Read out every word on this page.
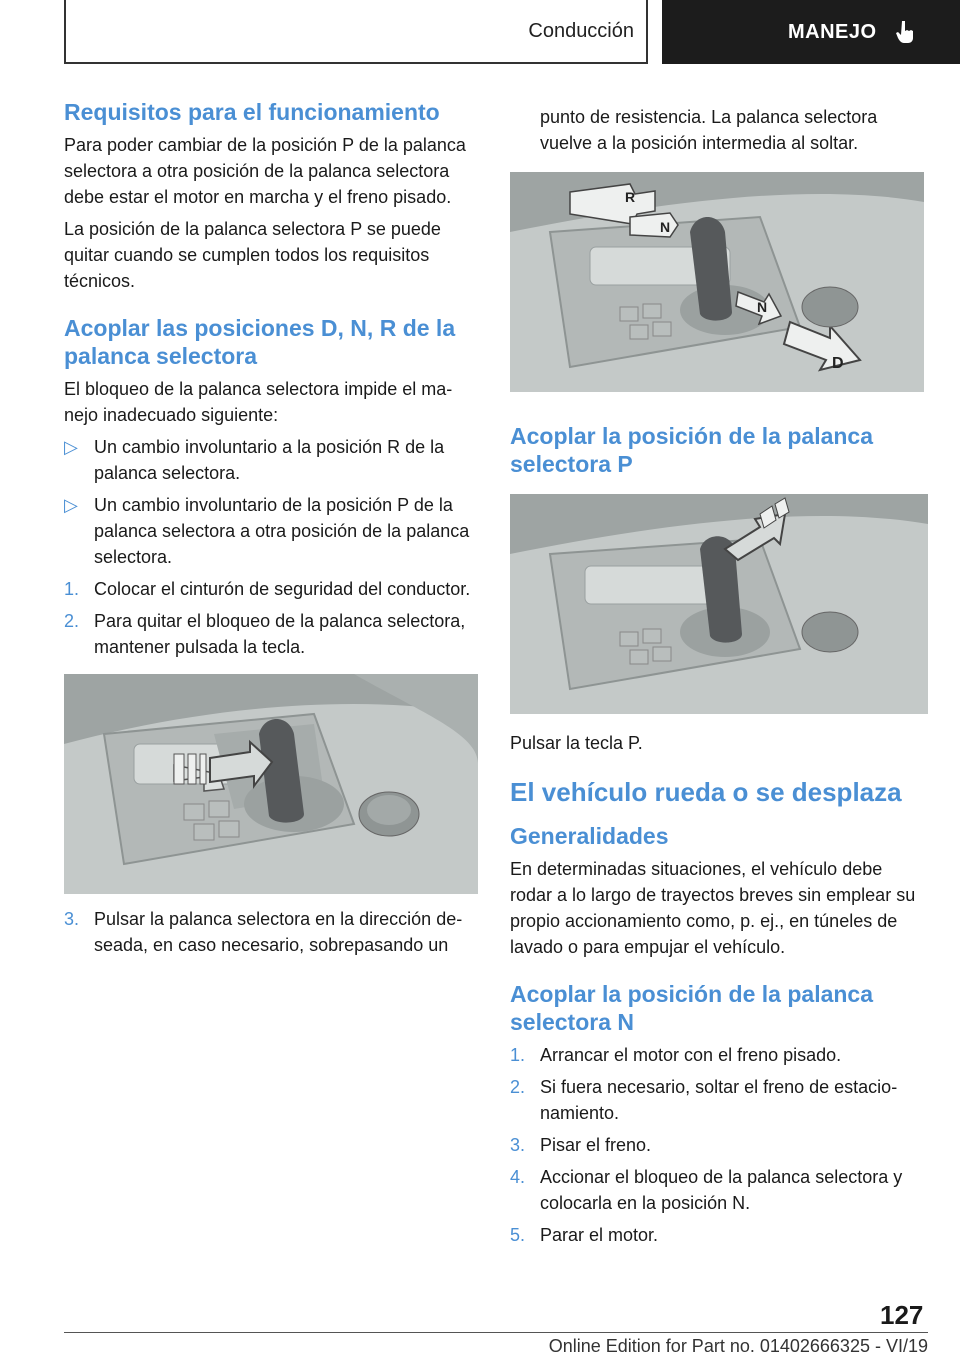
Conducción	MANEJO
Requisitos para el funcionamiento

Para poder cambiar de la posición P de la palanca selectora a otra posición de la palanca selectora debe estar el motor en marcha y el freno pisado.

La posición de la palanca selectora P se puede quitar cuando se cumplen todos los requisitos técnicos.

Acoplar las posiciones D, N, R de la palanca selectora

El bloqueo de la palanca selectora impide el manejo inadecuado siguiente:

▷ Un cambio involuntario a la posición R de la palanca selectora.
▷ Un cambio involuntario de la posición P de la palanca selectora a otra posición de la palanca selectora.
1. Colocar el cinturón de seguridad del conductor.
2. Para quitar el bloqueo de la palanca selectora, mantener pulsada la tecla.
3. Pulsar la palanca selectora en la dirección deseada, en caso necesario, sobrepasando un

punto de resistencia. La palanca selectora vuelve a la posición intermedia al soltar.

R
N
N
D
Acoplar la posición de la palanca selectora P

Pulsar la tecla P.

El vehículo rueda o se desplaza
Generalidades

En determinadas situaciones, el vehículo debe rodar a lo largo de trayectos breves sin emplear su propio accionamiento como, p. ej., en túneles de lavado o para empujar el vehículo.

Acoplar la posición de la palanca selectora N
1. Arrancar el motor con el freno pisado.
2. Si fuera necesario, soltar el freno de estacionamiento.
3. Pisar el freno.
4. Accionar el bloqueo de la palanca selectora y colocarla en la posición N.
5. Parar el motor.
127
Online Edition for Part no. 01402666325 - VI/19
